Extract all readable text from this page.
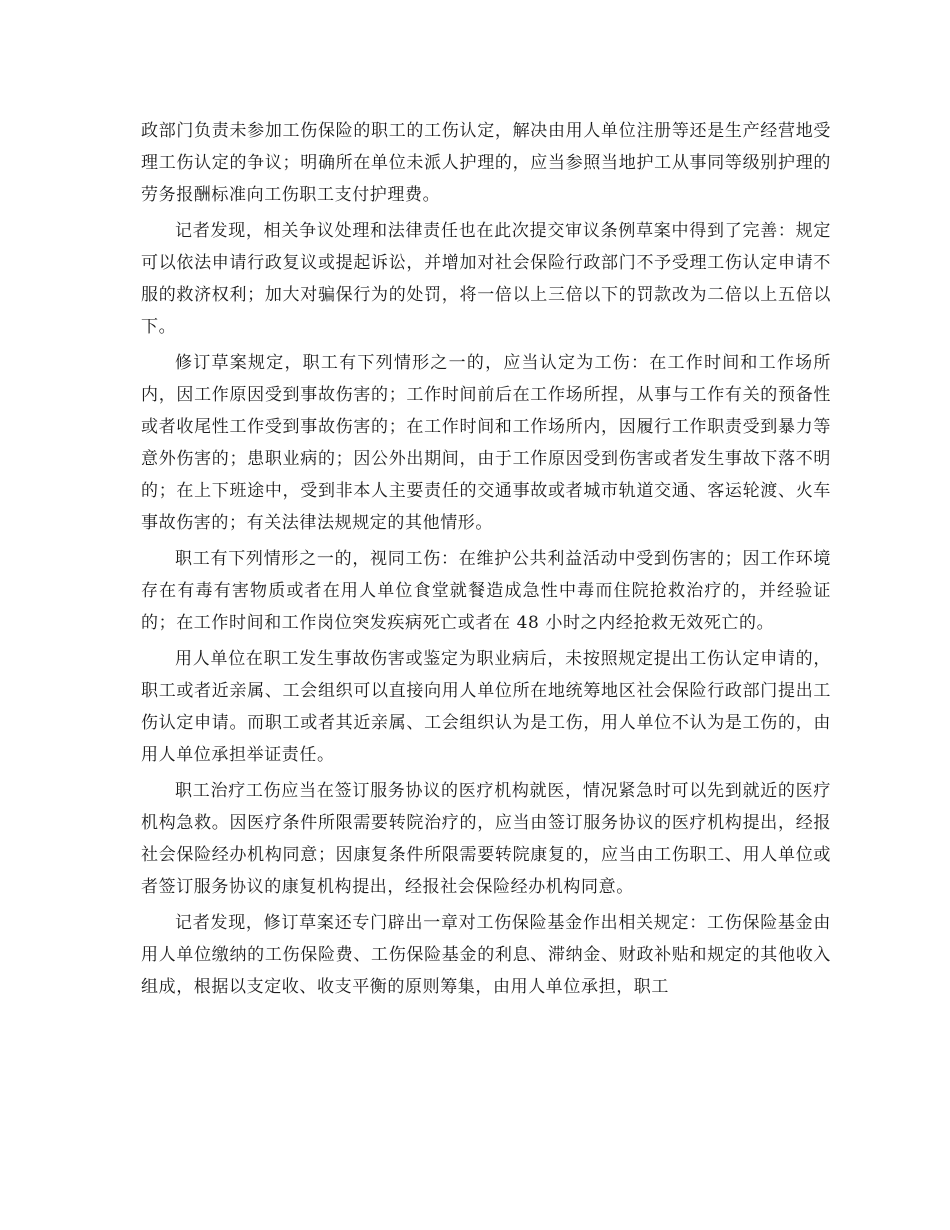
政部门负责未参加工伤保险的职工的工伤认定，解决由用人单位注册等还是生产经营地受理工伤认定的争议；明确所在单位未派人护理的，应当参照当地护工从事同等级别护理的劳务报酬标准向工伤职工支付护理费。

记者发现，相关争议处理和法律责任也在此次提交审议条例草案中得到了完善：规定可以依法申请行政复议或提起诉讼，并增加对社会保险行政部门不予受理工伤认定申请不服的救济权利；加大对骗保行为的处罚，将一倍以上三倍以下的罚款改为二倍以上五倍以下。

修订草案规定，职工有下列情形之一的，应当认定为工伤：在工作时间和工作场所内，因工作原因受到事故伤害的；工作时间前后在工作场所捏，从事与工作有关的预备性或者收尾性工作受到事故伤害的；在工作时间和工作场所内，因履行工作职责受到暴力等意外伤害的；患职业病的；因公外出期间，由于工作原因受到伤害或者发生事故下落不明的；在上下班途中，受到非本人主要责任的交通事故或者城市轨道交通、客运轮渡、火车事故伤害的；有关法律法规规定的其他情形。

职工有下列情形之一的，视同工伤：在维护公共利益活动中受到伤害的；因工作环境存在有毒有害物质或者在用人单位食堂就餐造成急性中毒而住院抢救治疗的，并经验证的；在工作时间和工作岗位突发疾病死亡或者在 48 小时之内经抢救无效死亡的。

用人单位在职工发生事故伤害或鉴定为职业病后，未按照规定提出工伤认定申请的，职工或者近亲属、工会组织可以直接向用人单位所在地统筹地区社会保险行政部门提出工伤认定申请。而职工或者其近亲属、工会组织认为是工伤，用人单位不认为是工伤的，由用人单位承担举证责任。

职工治疗工伤应当在签订服务协议的医疗机构就医，情况紧急时可以先到就近的医疗机构急救。因医疗条件所限需要转院治疗的，应当由签订服务协议的医疗机构提出，经报社会保险经办机构同意；因康复条件所限需要转院康复的，应当由工伤职工、用人单位或者签订服务协议的康复机构提出，经报社会保险经办机构同意。

记者发现，修订草案还专门辟出一章对工伤保险基金作出相关规定：工伤保险基金由用人单位缴纳的工伤保险费、工伤保险基金的利息、滞纳金、财政补贴和规定的其他收入组成，根据以支定收、收支平衡的原则筹集，由用人单位承担，职工
